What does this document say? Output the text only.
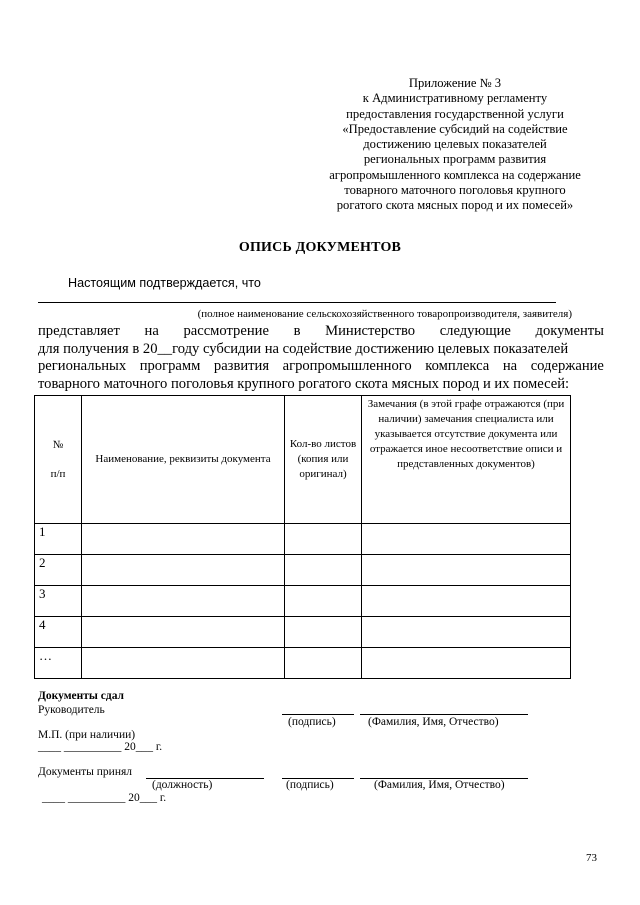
Приложение № 3
к Административному регламенту
предоставления государственной услуги
«Предоставление субсидий на содействие
достижению целевых показателей
региональных программ развития
агропромышленного комплекса на содержание
товарного маточного поголовья крупного
рогатого скота мясных пород и их помесей»
ОПИСЬ ДОКУМЕНТОВ
Настоящим подтверждается, что
(полное наименование сельскохозяйственного товаропроизводителя, заявителя)
представляет на рассмотрение в Министерство следующие документы
для получения в 20__году субсидии на содействие достижению целевых показателей
региональных программ развития агропромышленного комплекса на содержание
товарного маточного поголовья крупного рогатого скота мясных пород и их помесей:
№
п/п	Наименование, реквизиты документа	Кол-во листов (копия или оригинал)	Замечания (в этой графе отражаются (при наличии) замечания специалиста или указывается отсутствие документа или отражается иное несоответствие описи и представленных документов)
1			
2			
3			
4			
…			
Документы сдал
Руководитель
(подпись)	(Фамилия, Имя, Отчество)
М.П. (при наличии)
____ __________ 20___ г.
Документы принял
(должность)	(подпись)	(Фамилия, Имя, Отчество)
____ __________ 20___ г.
73
